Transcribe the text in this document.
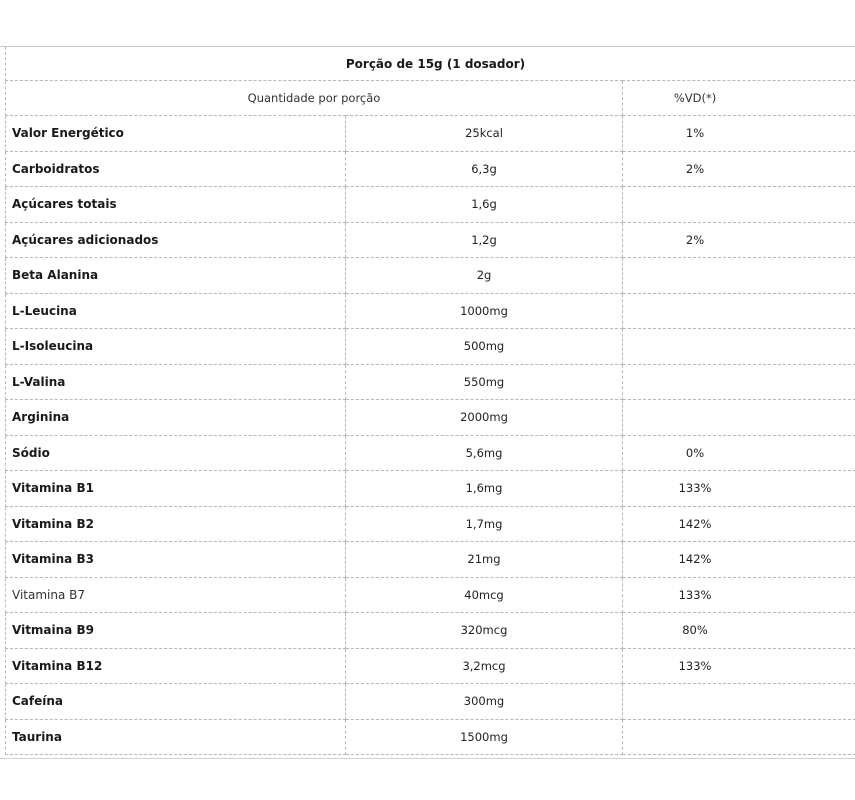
Porção de 15g (1 dosador)		
Quantidade por porção		%VD(*)
Valor Energético	25kcal	1%
Carboidratos	6,3g	2%
Açúcares totais	1,6g	
Açúcares adicionados	1,2g	2%
Beta Alanina	2g	
L-Leucina	1000mg	
L-Isoleucina	500mg	
L-Valina	550mg	
Arginina	2000mg	
Sódio	5,6mg	0%
Vitamina B1	1,6mg	133%
Vitamina B2	1,7mg	142%
Vitamina B3	21mg	142%
Vitamina B7	40mcg	133%
Vitmaina B9	320mcg	80%
Vitamina B12	3,2mcg	133%
Cafeína	300mg	
Taurina	1500mg	
